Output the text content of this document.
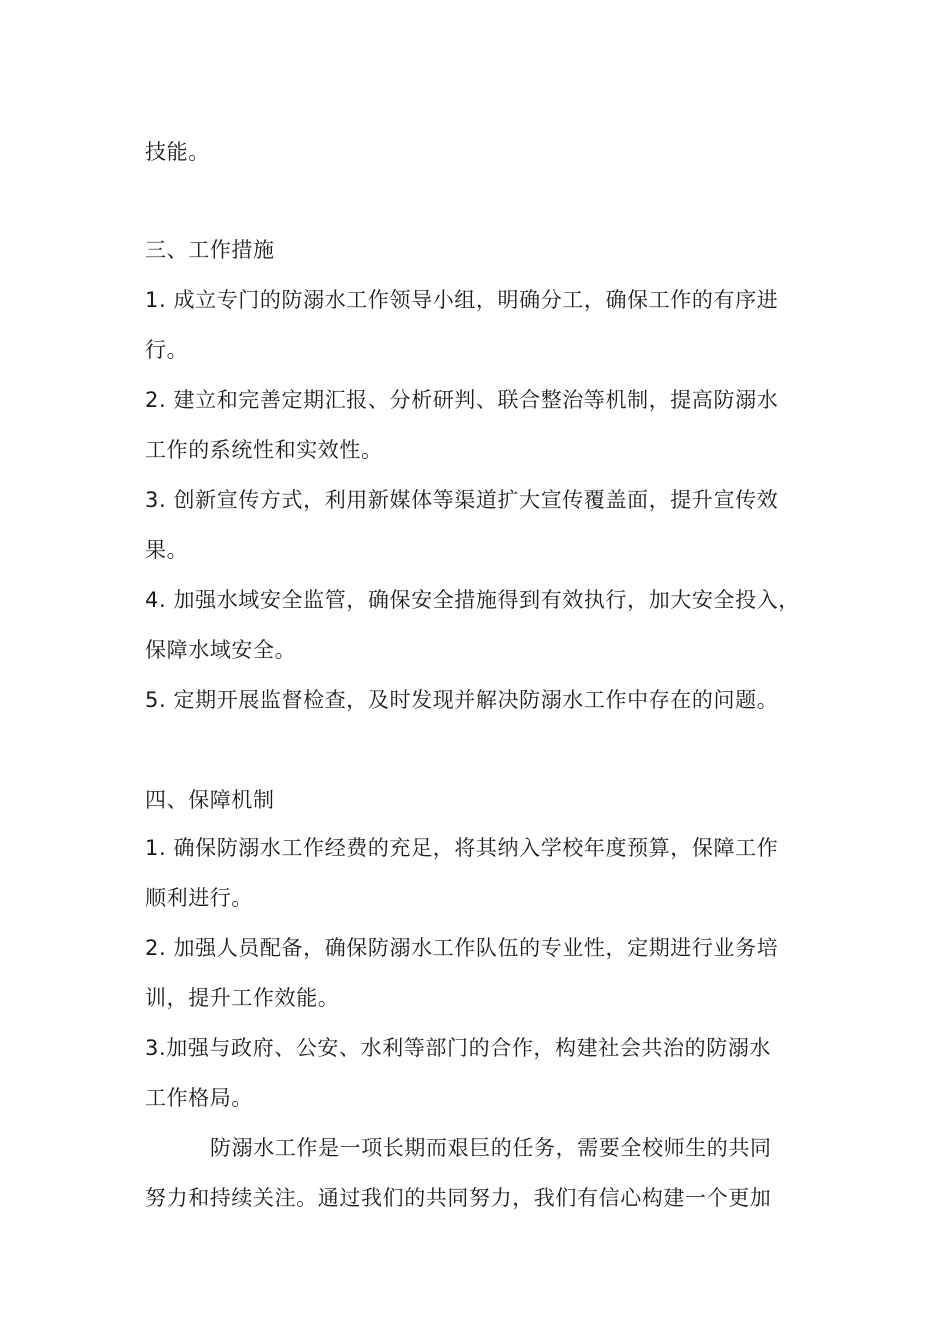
技能。
三、工作措施
1. 成立专门的防溺水工作领导小组，明确分工，确保工作的有序进
行。
2. 建立和完善定期汇报、分析研判、联合整治等机制，提高防溺水
工作的系统性和实效性。
3. 创新宣传方式，利用新媒体等渠道扩大宣传覆盖面，提升宣传效
果。
4. 加强水域安全监管，确保安全措施得到有效执行，加大安全投入，
保障水域安全。
5. 定期开展监督检查，及时发现并解决防溺水工作中存在的问题。
四、保障机制
1. 确保防溺水工作经费的充足，将其纳入学校年度预算，保障工作
顺利进行。
2. 加强人员配备，确保防溺水工作队伍的专业性，定期进行业务培
训，提升工作效能。
3.加强与政府、公安、水利等部门的合作，构建社会共治的防溺水
工作格局。
防溺水工作是一项长期而艰巨的任务，需要全校师生的共同
努力和持续关注。通过我们的共同努力，我们有信心构建一个更加
